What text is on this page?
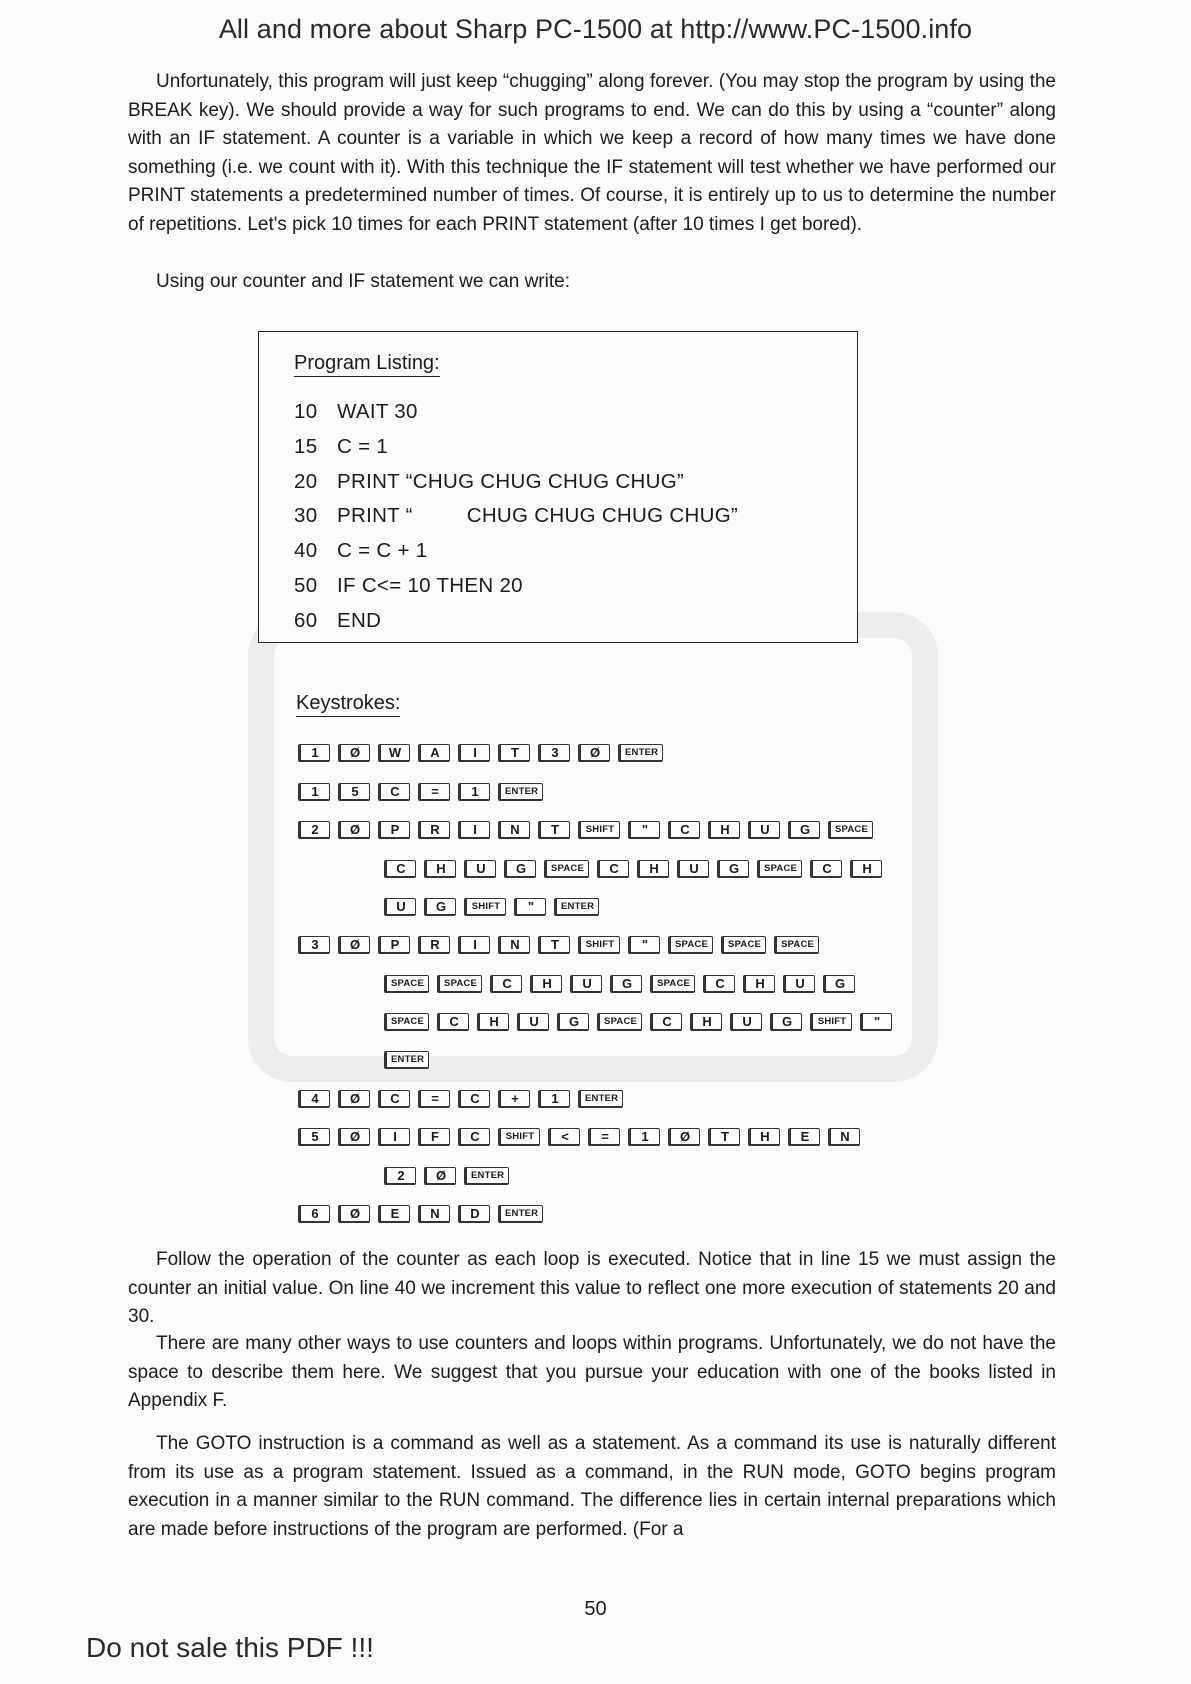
All and more about Sharp PC-1500 at http://www.PC-1500.info

Unfortunately, this program will just keep “chugging” along forever. (You may stop the program by using the BREAK key). We should provide a way for such programs to end. We can do this by using a “counter” along with an IF statement. A counter is a variable in which we keep a record of how many times we have done something (i.e. we count with it). With this technique the IF statement will test whether we have performed our PRINT statements a predetermined number of times. Of course, it is entirely up to us to determine the number of repetitions. Let's pick 10 times for each PRINT statement (after 10 times I get bored).

Using our counter and IF statement we can write:

Program Listing:
10 WAIT 30
15 C = 1
20 PRINT “CHUG CHUG CHUG CHUG”
30 PRINT “         CHUG CHUG CHUG CHUG”
40 C = C + 1
50 IF C<= 10 THEN 20
60 END
Keystrokes:
1	Ø	W	A	I	T	3	Ø	ENTER
1	5	C	=	1	ENTER
2	Ø	P	R	I	N	T	SHIFT	"	C	H	U	G	SPACE
C	H	U	G	SPACE	C	H	U	G	SPACE	C	H
U	G	SHIFT	"	ENTER
3	Ø	P	R	I	N	T	SHIFT	"	SPACE	SPACE	SPACE
SPACE	SPACE	C	H	U	G	SPACE	C	H	U	G
SPACE	C	H	U	G	SPACE	C	H	U	G	SHIFT	"
ENTER
4	Ø	C	=	C	+	1	ENTER
5	Ø	I	F	C	SHIFT	<	=	1	Ø	T	H	E	N
2	Ø	ENTER
6	Ø	E	N	D	ENTER

Follow the operation of the counter as each loop is executed. Notice that in line 15 we must assign the counter an initial value. On line 40 we increment this value to reflect one more execution of statements 20 and 30.

There are many other ways to use counters and loops within programs. Unfortunately, we do not have the space to describe them here. We suggest that you pursue your education with one of the books listed in Appendix F.

The GOTO instruction is a command as well as a statement. As a command its use is naturally different from its use as a program statement. Issued as a command, in the RUN mode, GOTO begins program execution in a manner similar to the RUN command. The difference lies in certain internal preparations which are made before instructions of the program are performed. (For a

50
Do not sale this PDF !!!
